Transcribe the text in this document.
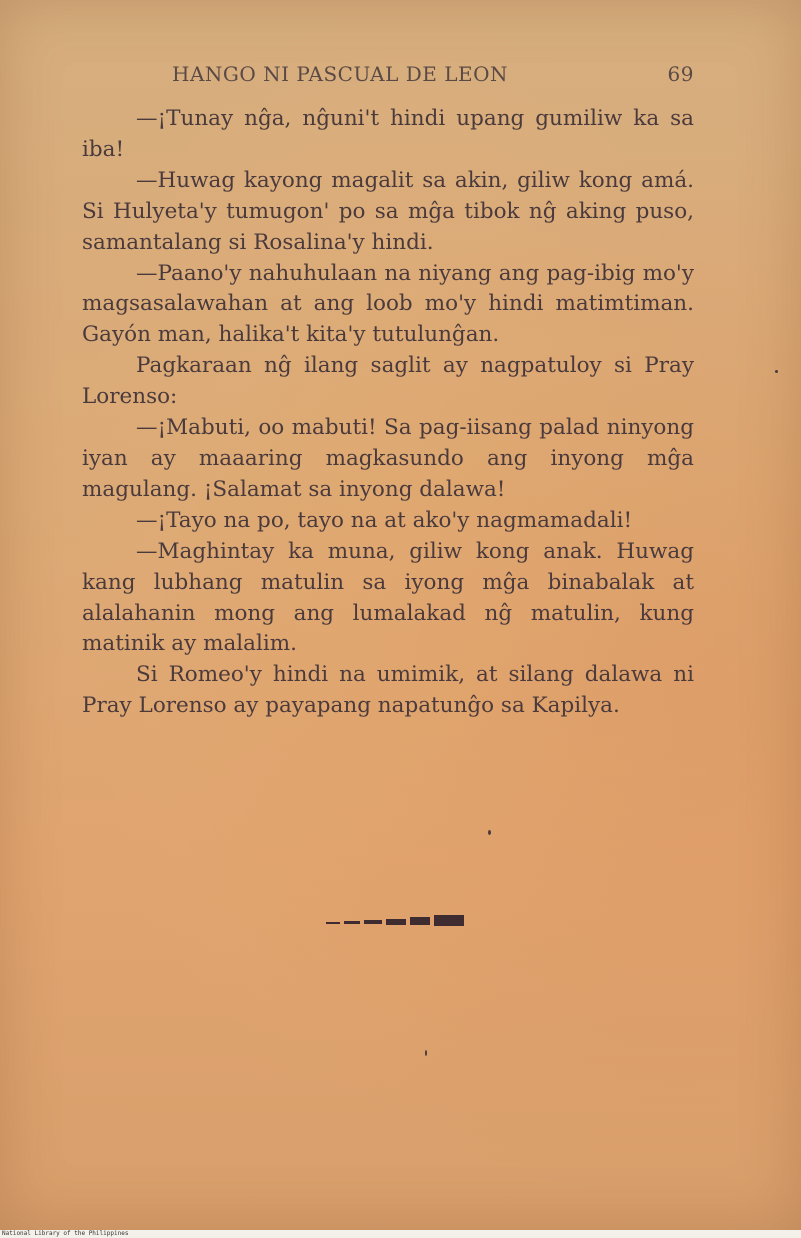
HANGO NI PASCUAL DE LEON	69

—¡Tunay nĝa, nĝuni't hindi upang gumiliw ka sa iba!

—Huwag kayong magalit sa akin, giliw kong amá. Si Hulyeta'y tumugon' po sa mĝa tibok nĝ aking puso, samantalang si Rosalina'y hindi.

—Paano'y nahuhulaan na niyang ang pag-ibig mo'y magsasalawahan at ang loob mo'y hindi matimtiman. Gayón man, halika't kita'y tutulunĝan.

Pagkaraan nĝ ilang saglit ay nagpatuloy si Pray Lorenso:

—¡Mabuti, oo mabuti! Sa pag-iisang palad ninyong iyan ay maaaring magkasundo ang inyong mĝa magulang. ¡Salamat sa inyong dalawa!

—¡Tayo na po, tayo na at ako'y nagmamadali!

—Maghintay ka muna, giliw kong anak. Huwag kang lubhang matulin sa iyong mĝa binabalak at alalahanin mong ang lumalakad nĝ matulin, kung matinik ay malalim.

Si Romeo'y hindi na umimik, at silang dalawa ni Pray Lorenso ay payapang napatunĝo sa Kapilya.

National Library of the Philippines
